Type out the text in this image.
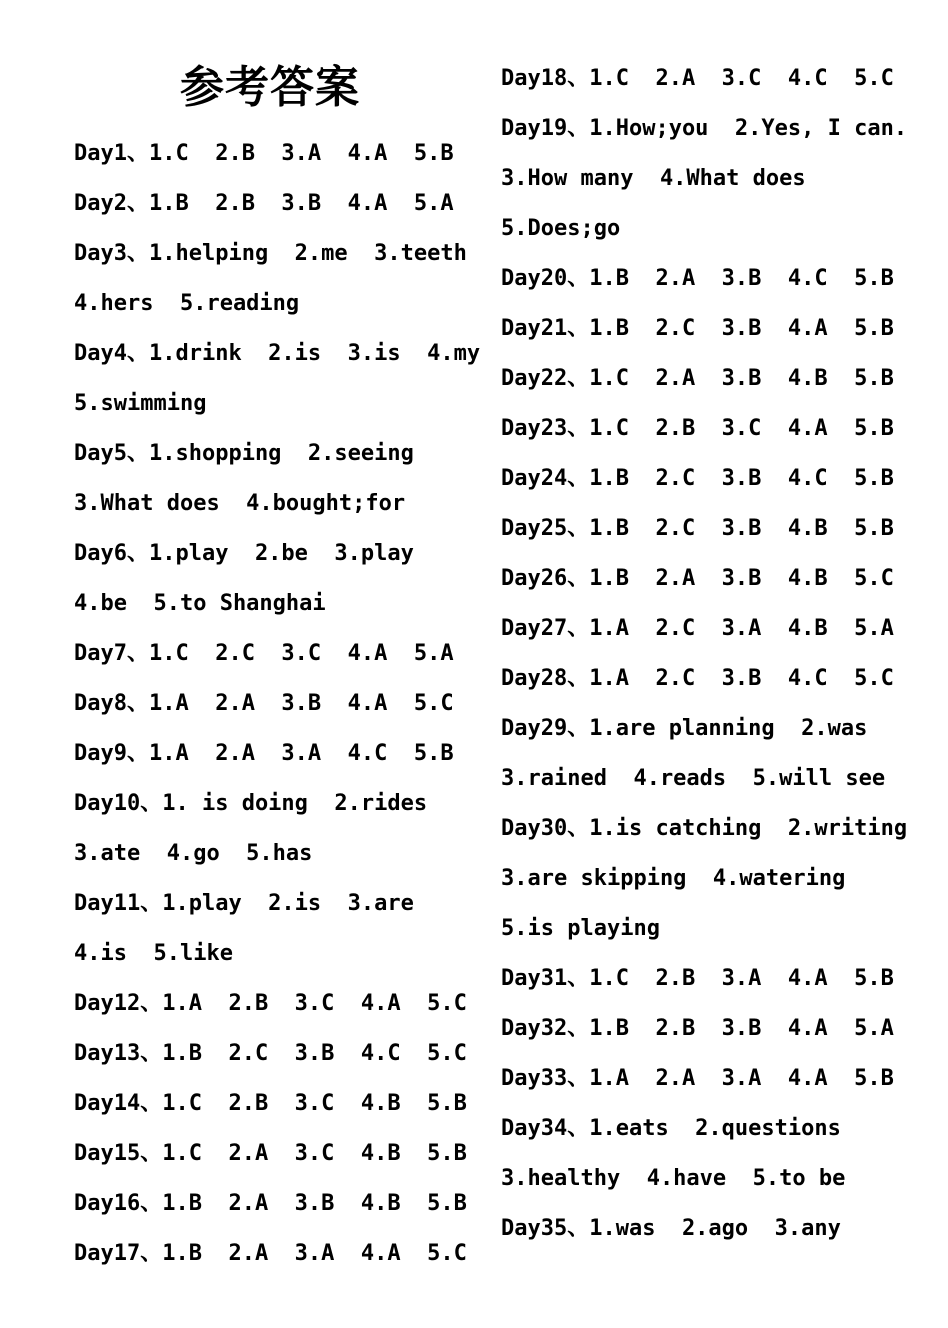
参考答案
Day1、1.C  2.B  3.A  4.A  5.B
Day2、1.B  2.B  3.B  4.A  5.A
Day3、1.helping  2.me  3.teeth
4.hers  5.reading
Day4、1.drink  2.is  3.is  4.my
5.swimming
Day5、1.shopping  2.seeing
3.What does  4.bought;for
Day6、1.play  2.be  3.play
4.be  5.to Shanghai
Day7、1.C  2.C  3.C  4.A  5.A
Day8、1.A  2.A  3.B  4.A  5.C
Day9、1.A  2.A  3.A  4.C  5.B
Day10、1. is doing  2.rides
3.ate  4.go  5.has
Day11、1.play  2.is  3.are
4.is  5.like
Day12、1.A  2.B  3.C  4.A  5.C
Day13、1.B  2.C  3.B  4.C  5.C
Day14、1.C  2.B  3.C  4.B  5.B
Day15、1.C  2.A  3.C  4.B  5.B
Day16、1.B  2.A  3.B  4.B  5.B
Day17、1.B  2.A  3.A  4.A  5.C
Day18、1.C  2.A  3.C  4.C  5.C
Day19、1.How;you  2.Yes, I can.
3.How many  4.What does
5.Does;go
Day20、1.B  2.A  3.B  4.C  5.B
Day21、1.B  2.C  3.B  4.A  5.B
Day22、1.C  2.A  3.B  4.B  5.B
Day23、1.C  2.B  3.C  4.A  5.B
Day24、1.B  2.C  3.B  4.C  5.B
Day25、1.B  2.C  3.B  4.B  5.B
Day26、1.B  2.A  3.B  4.B  5.C
Day27、1.A  2.C  3.A  4.B  5.A
Day28、1.A  2.C  3.B  4.C  5.C
Day29、1.are planning  2.was
3.rained  4.reads  5.will see
Day30、1.is catching  2.writing
3.are skipping  4.watering
5.is playing
Day31、1.C  2.B  3.A  4.A  5.B
Day32、1.B  2.B  3.B  4.A  5.A
Day33、1.A  2.A  3.A  4.A  5.B
Day34、1.eats  2.questions
3.healthy  4.have  5.to be
Day35、1.was  2.ago  3.any
